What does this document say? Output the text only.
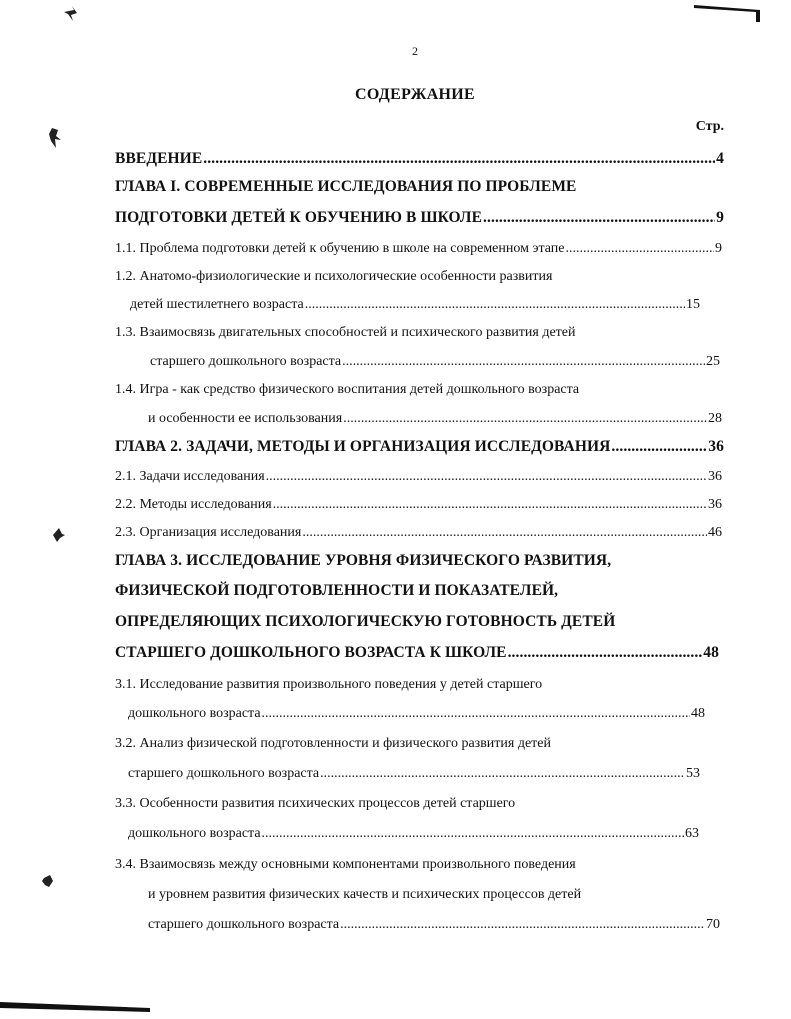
2
СОДЕРЖАНИЕ
Стр.
ВВЕДЕНИЕ .....	4
ГЛАВА I. СОВРЕМЕННЫЕ ИССЛЕДОВАНИЯ ПО ПРОБЛЕМЕ
ПОДГОТОВКИ ДЕТЕЙ К ОБУЧЕНИЮ В ШКОЛЕ .....	9
1.1. Проблема подготовки детей к обучению в школе на современном этапе .....	9
1.2. Анатомо-физиологические и психологические особенности развития
детей шестилетнего возраста .....	15
1.3. Взаимосвязь двигательных способностей и психического развития детей
старшего дошкольного возраста .....	25
1.4. Игра - как средство физического воспитания детей дошкольного возраста
и особенности ее использования .....	28
ГЛАВА 2. ЗАДАЧИ, МЕТОДЫ И ОРГАНИЗАЦИЯ ИССЛЕДОВАНИЯ .....	36
2.1. Задачи исследования .....	36
2.2. Методы исследования .....	36
2.3. Организация исследования .....	46
ГЛАВА 3. ИССЛЕДОВАНИЕ УРОВНЯ ФИЗИЧЕСКОГО РАЗВИТИЯ,
ФИЗИЧЕСКОЙ ПОДГОТОВЛЕННОСТИ И ПОКАЗАТЕЛЕЙ,
ОПРЕДЕЛЯЮЩИХ ПСИХОЛОГИЧЕСКУЮ ГОТОВНОСТЬ ДЕТЕЙ
СТАРШЕГО ДОШКОЛЬНОГО ВОЗРАСТА К ШКОЛЕ .....	48
3.1. Исследование развития произвольного поведения у детей старшего
дошкольного возраста .....	48
3.2. Анализ физической подготовленности и физического развития детей
старшего дошкольного возраста .....	53
3.3. Особенности развития психических процессов детей старшего
дошкольного возраста .....	63
3.4. Взаимосвязь между основными компонентами произвольного поведения
и уровнем развития физических качеств и психических процессов детей
старшего дошкольного возраста .....	70
